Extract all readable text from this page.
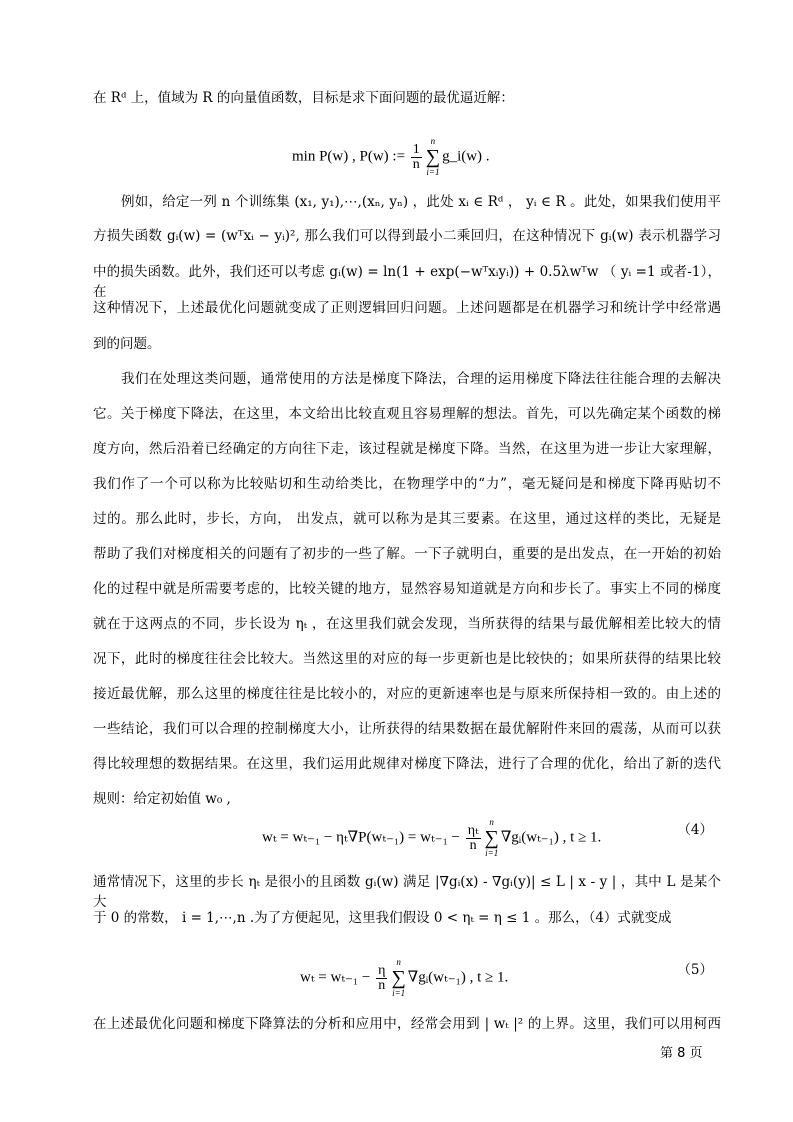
在 Rᵈ 上，值域为 R 的向量值函数，目标是求下面问题的最优逼近解：
min P(w) , P(w) := $\frac{1}{n}$
n
∑
i=1
g_i(w) .
例如，给定一列 n 个训练集 (x₁, y₁),⋯,(xₙ, yₙ) ，此处 xᵢ ∈ Rᵈ ， yᵢ ∈ R 。此处，如果我们使用平
方损失函数 gᵢ(w) = (wᵀxᵢ − yᵢ)², 那么我们可以得到最小二乘回归，在这种情况下 gᵢ(w) 表示机器学习
中的损失函数。此外，我们还可以考虑 gᵢ(w) = ln(1 + exp(−wᵀxᵢyᵢ)) + 0.5λwᵀw （ yᵢ =1 或者-1），在
这种情况下，上述最优化问题就变成了正则逻辑回归问题。上述问题都是在机器学习和统计学中经常遇
到的问题。
我们在处理这类问题，通常使用的方法是梯度下降法，合理的运用梯度下降法往往能合理的去解决
它。关于梯度下降法，在这里，本文给出比较直观且容易理解的想法。首先，可以先确定某个函数的梯
度方向，然后沿着已经确定的方向往下走，该过程就是梯度下降。当然，在这里为进一步让大家理解，
我们作了一个可以称为比较贴切和生动给类比，在物理学中的“力”，毫无疑问是和梯度下降再贴切不
过的。那么此时，步长，方向， 出发点，就可以称为是其三要素。在这里，通过这样的类比，无疑是
帮助了我们对梯度相关的问题有了初步的一些了解。一下子就明白，重要的是出发点，在一开始的初始
化的过程中就是所需要考虑的，比较关键的地方，显然容易知道就是方向和步长了。事实上不同的梯度
就在于这两点的不同，步长设为 ηₜ ，在这里我们就会发现，当所获得的结果与最优解相差比较大的情
况下，此时的梯度往往会比较大。当然这里的对应的每一步更新也是比较快的；如果所获得的结果比较
接近最优解，那么这里的梯度往往是比较小的，对应的更新速率也是与原来所保持相一致的。由上述的
一些结论，我们可以合理的控制梯度大小，让所获得的结果数据在最优解附件来回的震荡，从而可以获
得比较理想的数据结果。在这里，我们运用此规律对梯度下降法，进行了合理的优化，给出了新的迭代
规则：给定初始值 w₀ ,
$w_t = w_{t-1} - \eta_t\nabla P(w_{t-1}) = w_{t-1} - \frac{\text{ηₜ}}{n}$
n
∑
i=1
∇gᵢ(wₜ₋₁) , t ≥ 1.	（4）
通常情况下，这里的步长 ηₜ 是很小的且函数 gᵢ(w) 满足 |∇gᵢ(x) - ∇gᵢ(y)| ≤ L | x - y | ，其中 L 是某个大
于 0 的常数， i = 1,⋯,n .为了方便起见，这里我们假设 0 < ηₜ = η ≤ 1 。那么，（4）式就变成
$w_t = w_{t-1} - \frac{\eta}{n}$
n
∑
i=1
∇gᵢ(wₜ₋₁) , t ≥ 1.	（5）
在上述最优化问题和梯度下降算法的分析和应用中，经常会用到 | wₜ |² 的上界。这里，我们可以用柯西
第 8 页
